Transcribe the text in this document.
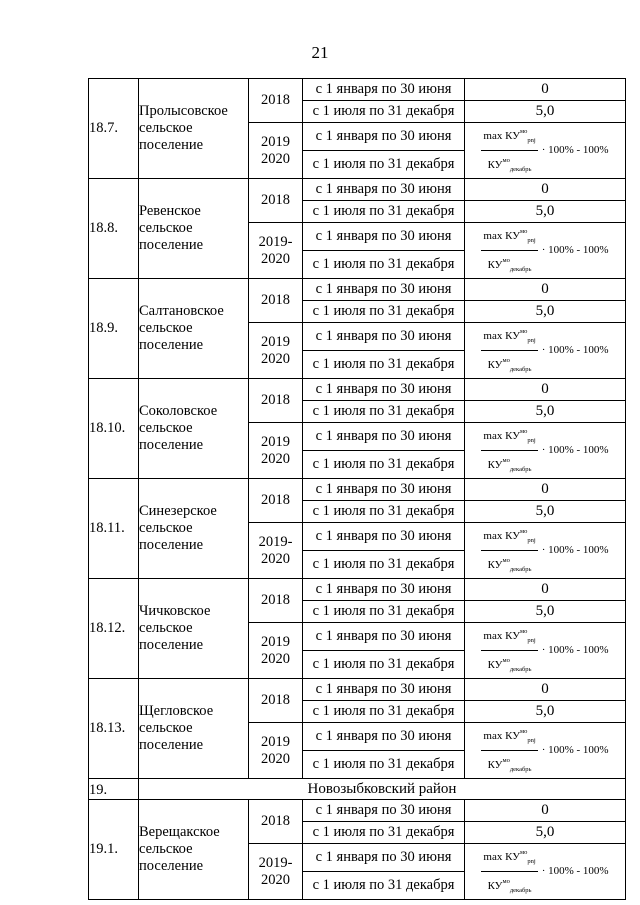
21
18.7.	Пролысовское сельское поселение	2018	с 1 января по 30 июня	0
			с 1 июля по 31 декабря	5,0
		2019 2020	с 1 января по 30 июня	$\frac{\max КУ^{мо}_{pnj}}{КУ^{мо}_{декабрь}} \cdot 100\% - 100\%$

			с 1 июля по 31 декабря	
18.8.	Ревенское сельское поселение	2018	с 1 января по 30 июня	0
			с 1 июля по 31 декабря	5,0
		2019- 2020	с 1 января по 30 июня	$\frac{\max КУ^{мо}_{pnj}}{КУ^{мо}_{декабрь}} \cdot 100\% - 100\%$

			с 1 июля по 31 декабря	
18.9.	Салтановское сельское поселение	2018	с 1 января по 30 июня	0
			с 1 июля по 31 декабря	5,0
		2019 2020	с 1 января по 30 июня	$\frac{\max КУ^{мо}_{pnj}}{КУ^{мо}_{декабрь}} \cdot 100\% - 100\%$

			с 1 июля по 31 декабря	
18.10.	Соколовское сельское поселение	2018	с 1 января по 30 июня	0
			с 1 июля по 31 декабря	5,0
		2019 2020	с 1 января по 30 июня	$\frac{\max КУ^{мо}_{pnj}}{КУ^{мо}_{декабрь}} \cdot 100\% - 100\%$

			с 1 июля по 31 декабря	
18.11.	Синезерское сельское поселение	2018	с 1 января по 30 июня	0
			с 1 июля по 31 декабря	5,0
		2019- 2020	с 1 января по 30 июня	$\frac{\max КУ^{мо}_{pnj}}{КУ^{мо}_{декабрь}} \cdot 100\% - 100\%$

			с 1 июля по 31 декабря	
18.12.	Чичковское сельское поселение	2018	с 1 января по 30 июня	0
			с 1 июля по 31 декабря	5,0
		2019 2020	с 1 января по 30 июня	$\frac{\max КУ^{мо}_{pnj}}{КУ^{мо}_{декабрь}} \cdot 100\% - 100\%$

			с 1 июля по 31 декабря	
18.13.	Щегловское сельское поселение	2018	с 1 января по 30 июня	0
			с 1 июля по 31 декабря	5,0
		2019 2020	с 1 января по 30 июня	$\frac{\max КУ^{мо}_{pnj}}{КУ^{мо}_{декабрь}} \cdot 100\% - 100\%$

			с 1 июля по 31 декабря	
19.	Новозыбковский район			
19.1.	Верещакское сельское поселение	2018	с 1 января по 30 июня	0
			с 1 июля по 31 декабря	5,0
		2019- 2020	с 1 января по 30 июня	$\frac{\max КУ^{мо}_{pnj}}{КУ^{мо}_{декабрь}} \cdot 100\% - 100\%$

			с 1 июля по 31 декабря	
